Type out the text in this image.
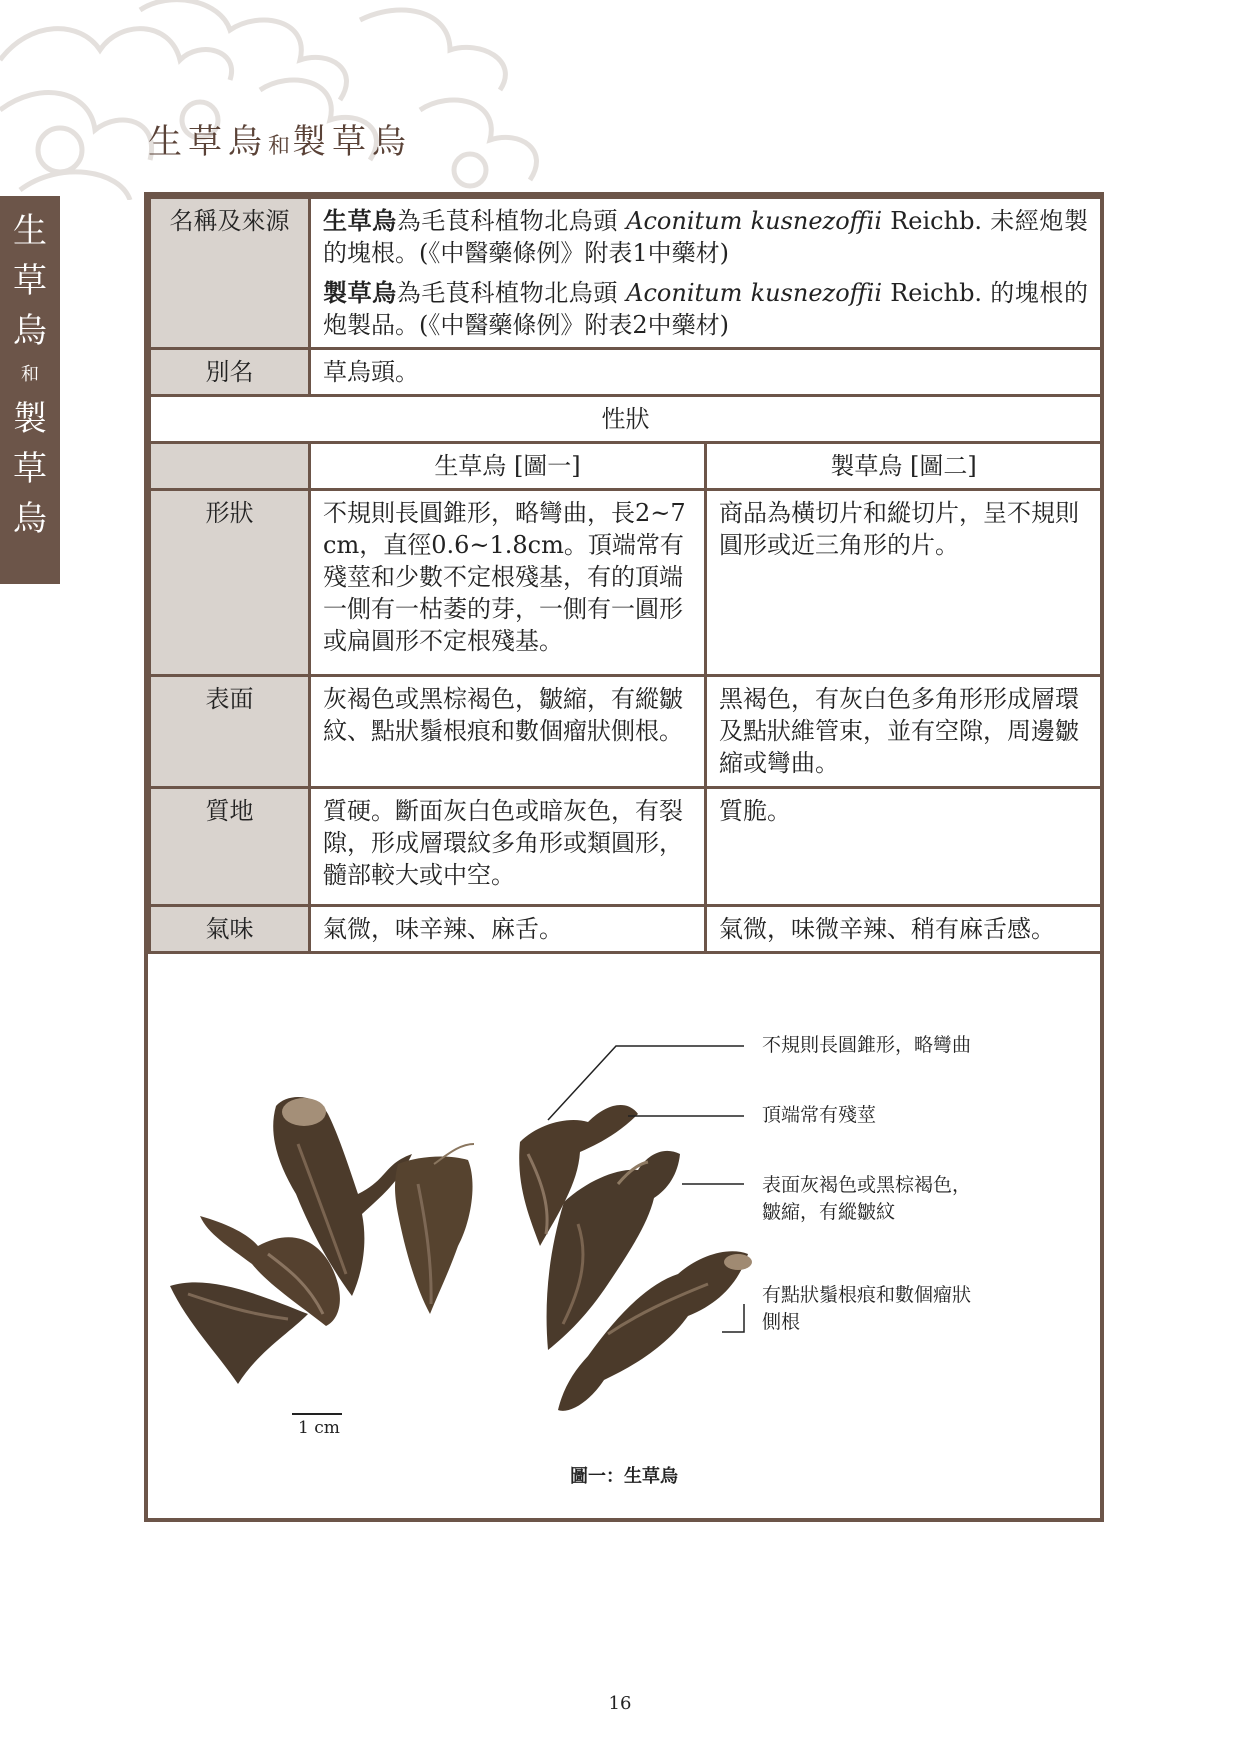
生草烏和製草烏
生
草
烏
和
製
草
烏
名稱及來源	生草烏為毛茛科植物北烏頭 Aconitum kusnezoffii Reichb. 未經炮製的塊根。(《中醫藥條例》附表1中藥材)

製草烏為毛茛科植物北烏頭 Aconitum kusnezoffii Reichb. 的塊根的炮製品。(《中醫藥條例》附表2中藥材)	

別名	草烏頭。	
性狀		
	生草烏 [圖一]	製草烏 [圖二]
形狀	不規則長圓錐形，略彎曲，長2~7cm，直徑0.6~1.8cm。頂端常有殘莖和少數不定根殘基，有的頂端一側有一枯萎的芽，一側有一圓形或扁圓形不定根殘基。	商品為橫切片和縱切片，呈不規則圓形或近三角形的片。
表面	灰褐色或黑棕褐色，皺縮，有縱皺紋、點狀鬚根痕和數個瘤狀側根。	黑褐色，有灰白色多角形形成層環及點狀維管束，並有空隙，周邊皺縮或彎曲。
質地	質硬。斷面灰白色或暗灰色，有裂隙，形成層環紋多角形或類圓形，髓部較大或中空。	質脆。
氣味	氣微，味辛辣、麻舌。	氣微，味微辛辣、稍有麻舌感。
不規則長圓錐形，略彎曲
頂端常有殘莖
表面灰褐色或黑棕褐色，
皺縮，有縱皺紋
有點狀鬚根痕和數個瘤狀
側根
1 cm
圖一：生草烏
16
